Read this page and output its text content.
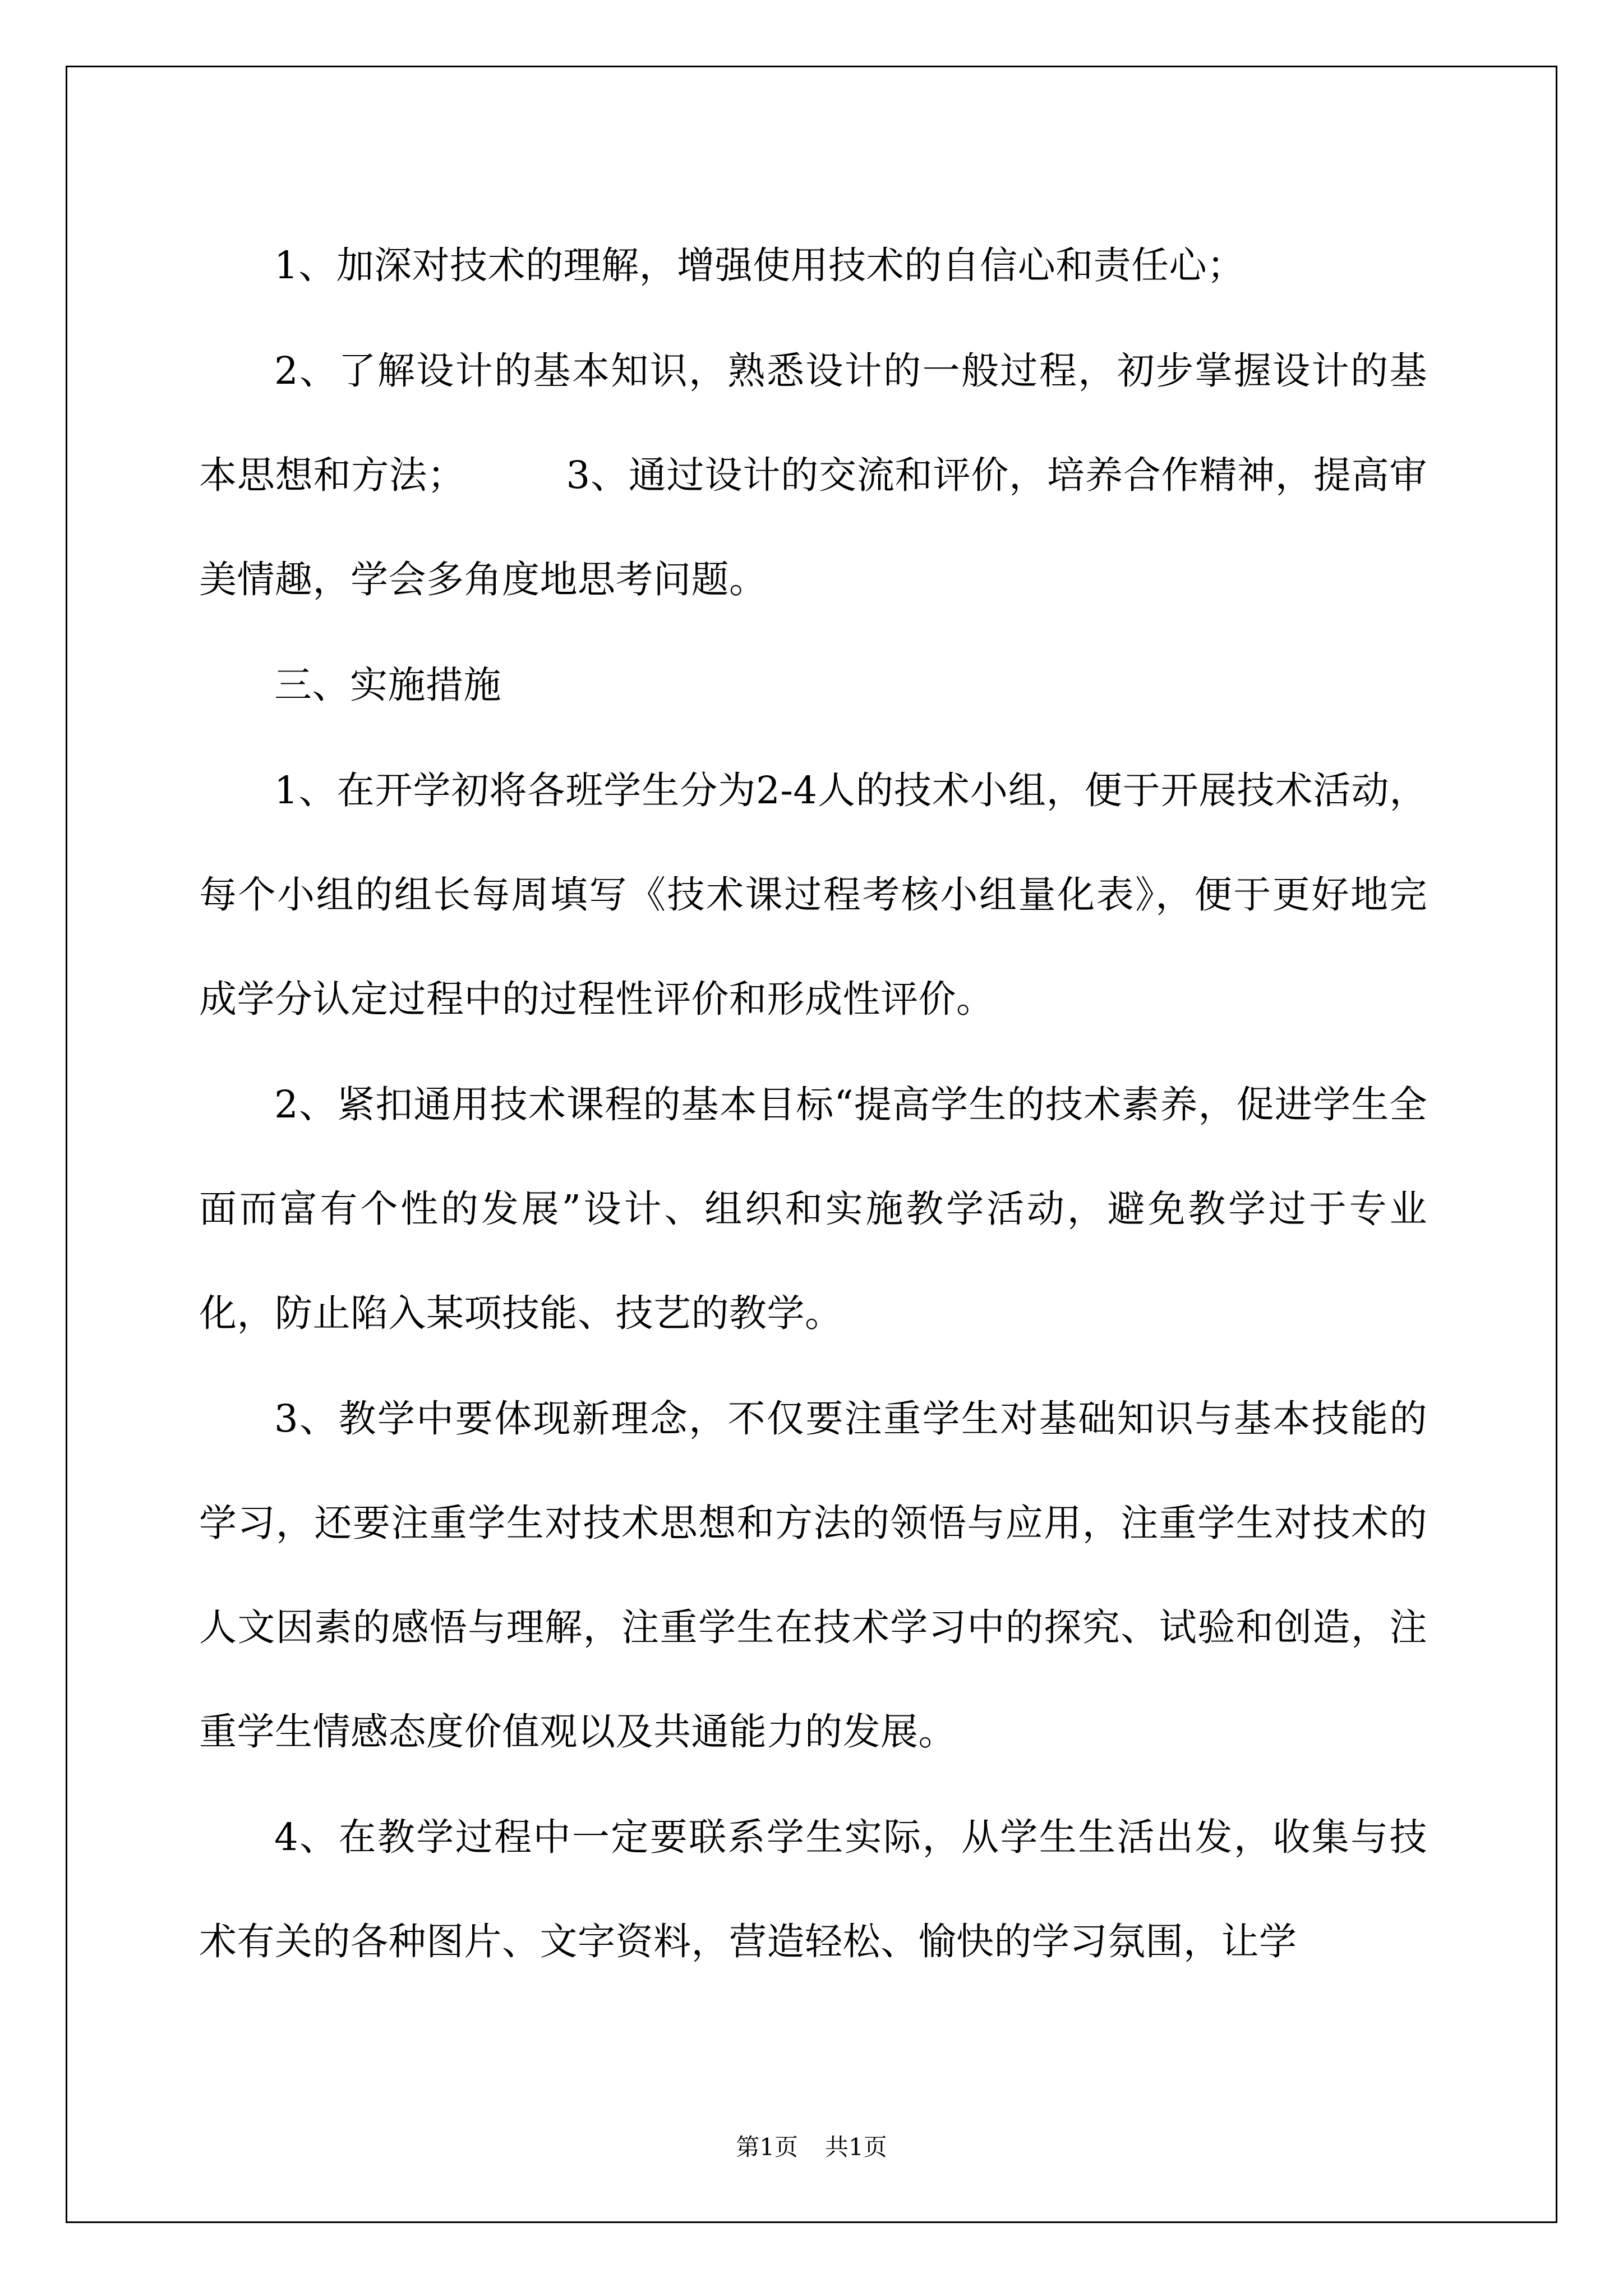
1、加深对技术的理解，增强使用技术的自信心和责任心；

2、了解设计的基本知识，熟悉设计的一般过程，初步掌握设计的基本思想和方法；	3、通过设计的交流和评价，培养合作精神，提高审美情趣，学会多角度地思考问题。

三、实施措施

1、在开学初将各班学生分为2-4人的技术小组，便于开展技术活动，每个小组的组长每周填写《技术课过程考核小组量化表》，便于更好地完成学分认定过程中的过程性评价和形成性评价。

2、紧扣通用技术课程的基本目标“提高学生的技术素养，促进学生全面而富有个性的发展”设计、组织和实施教学活动，避免教学过于专业化，防止陷入某项技能、技艺的教学。

3、教学中要体现新理念，不仅要注重学生对基础知识与基本技能的学习，还要注重学生对技术思想和方法的领悟与应用，注重学生对技术的人文因素的感悟与理解，注重学生在技术学习中的探究、试验和创造，注重学生情感态度价值观以及共通能力的发展。

4、在教学过程中一定要联系学生实际，从学生生活出发，收集与技术有关的各种图片、文字资料，营造轻松、愉快的学习氛围，让学

第1页 共1页
